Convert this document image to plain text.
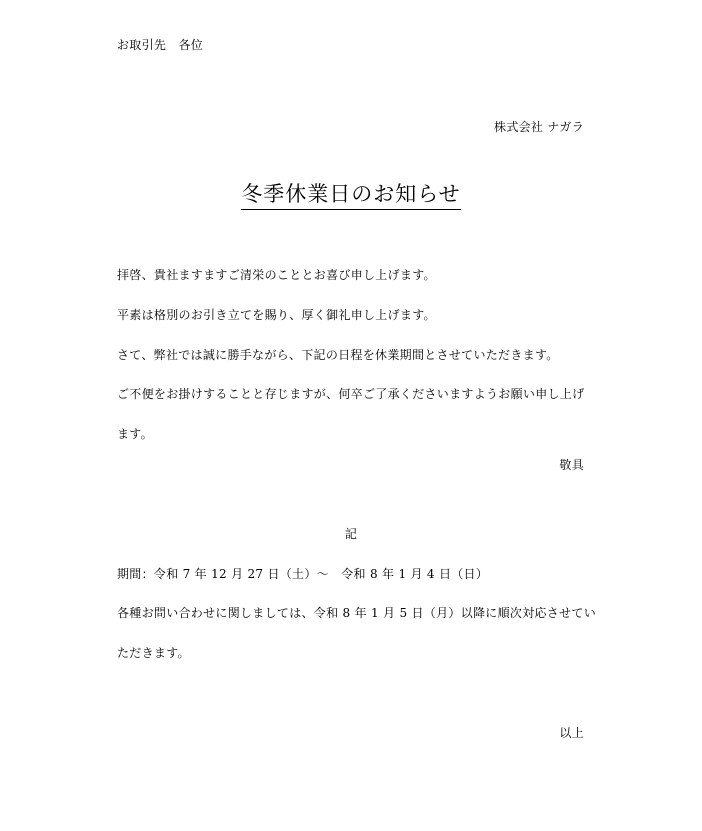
お取引先　各位
株式会社 ナガラ
冬季休業日のお知らせ
拝啓、貴社ますますご清栄のこととお喜び申し上げます。
平素は格別のお引き立てを賜り、厚く御礼申し上げます。
さて、弊社では誠に勝手ながら、下記の日程を休業期間とさせていただきます。
ご不便をお掛けすることと存じますが、何卒ご了承くださいますようお願い申し上げ
ます。
敬具
記
期間：令和 7 年 12 月 27 日（土）～　令和 8 年 1 月 4 日（日）
各種お問い合わせに関しましては、令和 8 年 1 月 5 日（月）以降に順次対応させてい
ただきます。
以上
